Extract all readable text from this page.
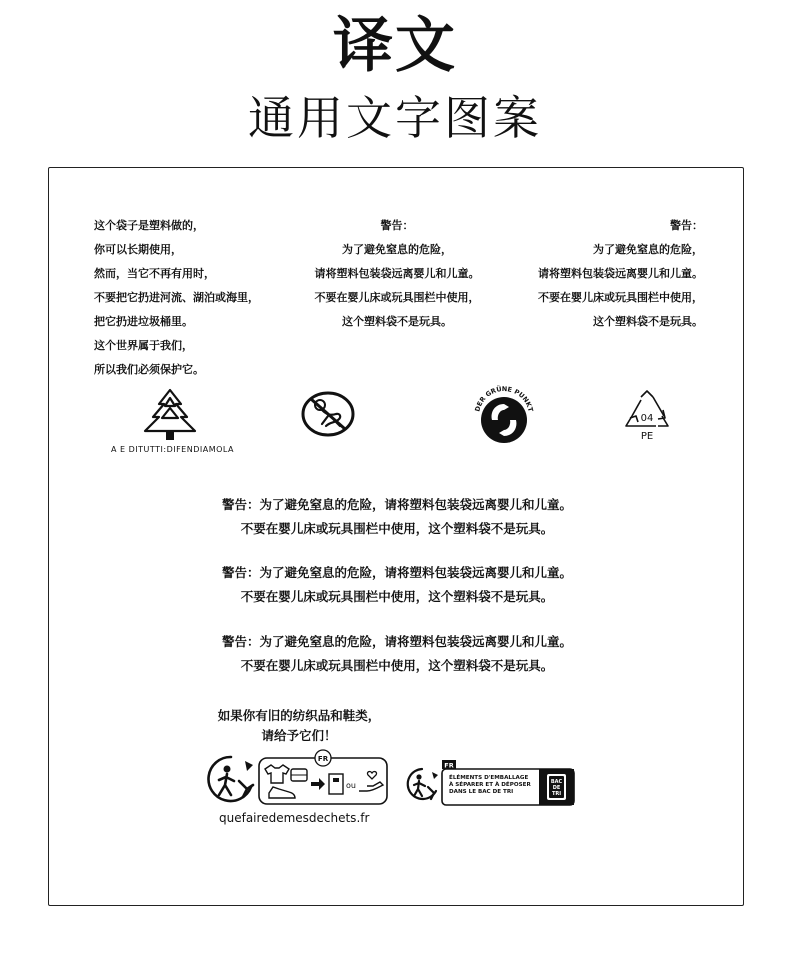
译文
通用文字图案
这个袋子是塑料做的，
你可以长期使用，
然而，当它不再有用时，
不要把它扔进河流、湖泊或海里，
把它扔进垃圾桶里。
这个世界属于我们，
所以我们必须保护它。
警告：
为了避免窒息的危险，
请将塑料包装袋远离婴儿和儿童。
不要在婴儿床或玩具围栏中使用，
这个塑料袋不是玩具。
警告：
为了避免窒息的危险，
请将塑料包装袋远离婴儿和儿童。
不要在婴儿床或玩具围栏中使用，
这个塑料袋不是玩具。
A E DITUTTI:DIFENDIAMOLA
DER GRÜNE PUNKT
04
PE
警告：为了避免窒息的危险，请将塑料包装袋远离婴儿和儿童。
不要在婴儿床或玩具围栏中使用，这个塑料袋不是玩具。
警告：为了避免窒息的危险，请将塑料包装袋远离婴儿和儿童。
不要在婴儿床或玩具围栏中使用，这个塑料袋不是玩具。
警告：为了避免窒息的危险，请将塑料包装袋远离婴儿和儿童。
不要在婴儿床或玩具围栏中使用，这个塑料袋不是玩具。
如果你有旧的纺织品和鞋类，
请给予它们！
FR
ou
FR
ÉLÉMENTS D'EMBALLAGE
À SÉPARER ET À DÉPOSER
DANS LE BAC DE TRI
BAC
DE
TRI
quefairedemesdechets.fr
